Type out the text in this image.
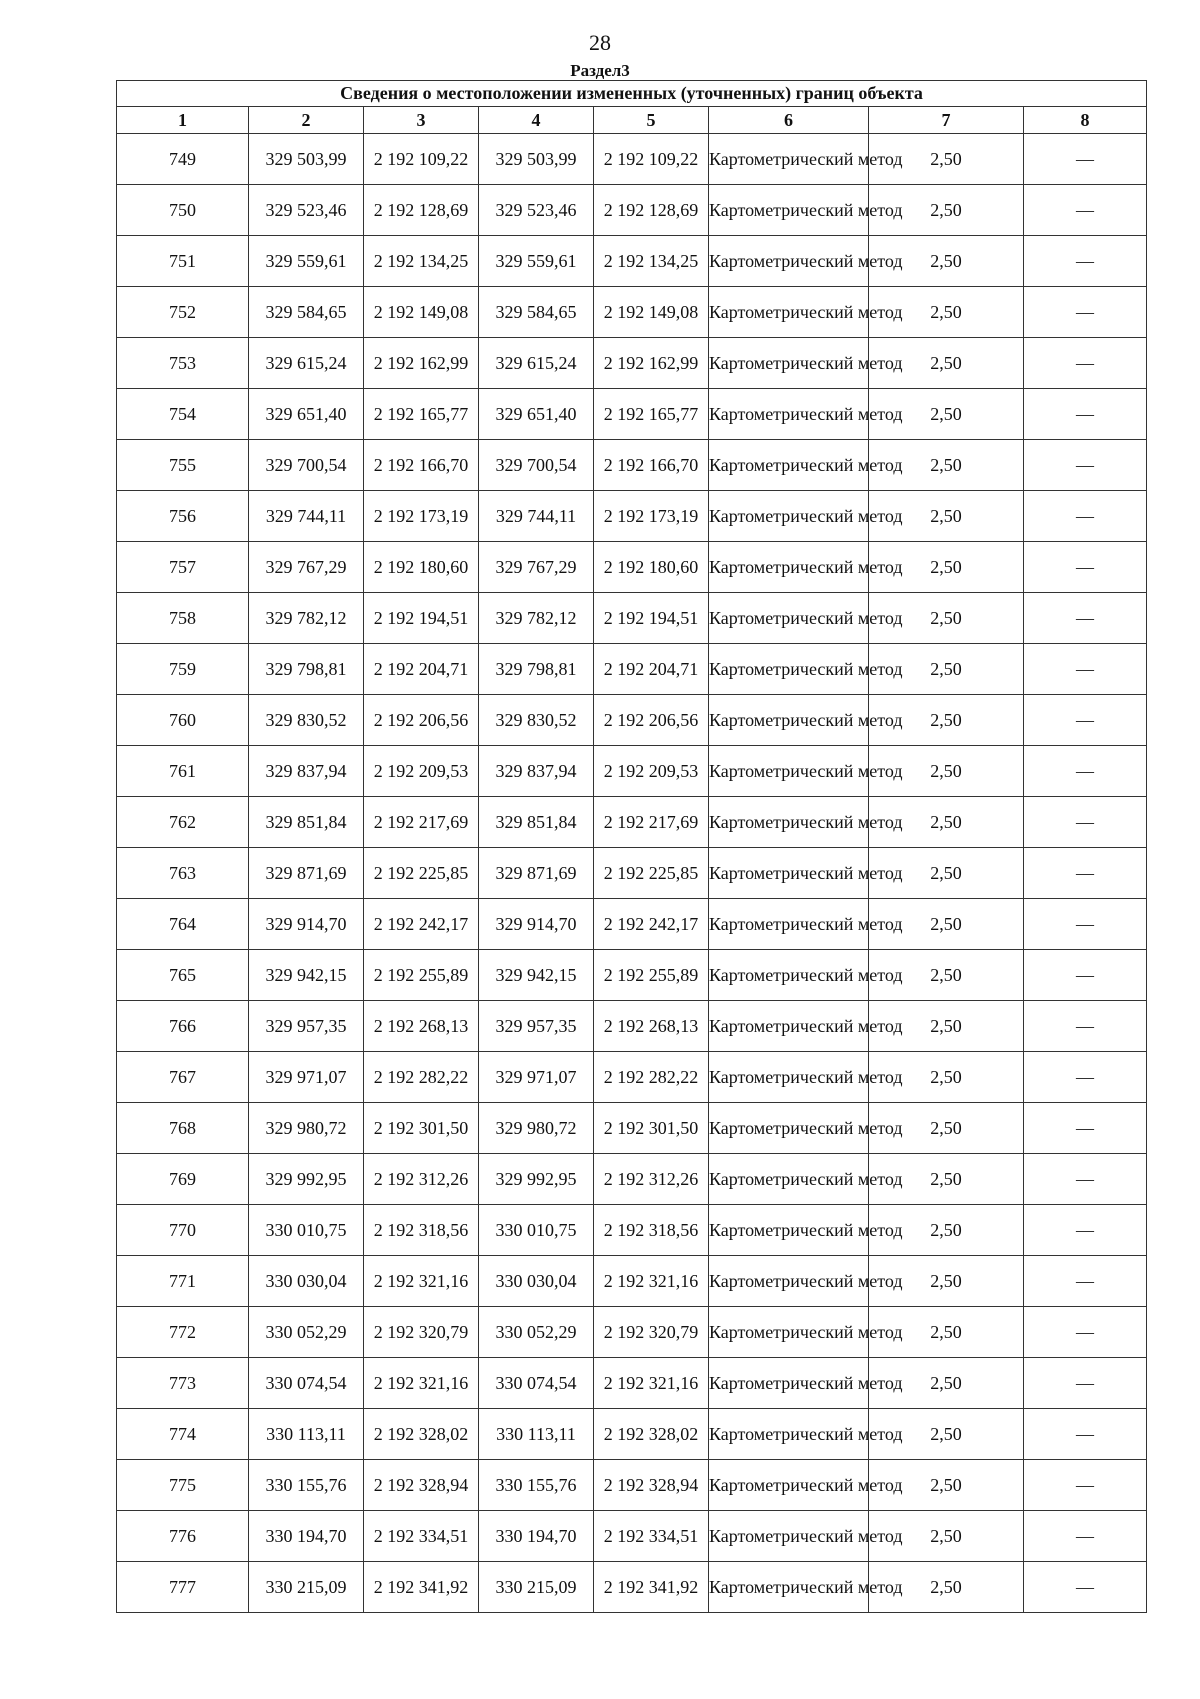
28
Раздел3
Сведения о местоположении измененных (уточненных) границ объекта							
1	2	3	4	5	6	7	8
749	329 503,99	2 192 109,22	329 503,99	2 192 109,22	Картометрический метод	2,50	—
750	329 523,46	2 192 128,69	329 523,46	2 192 128,69	Картометрический метод	2,50	—
751	329 559,61	2 192 134,25	329 559,61	2 192 134,25	Картометрический метод	2,50	—
752	329 584,65	2 192 149,08	329 584,65	2 192 149,08	Картометрический метод	2,50	—
753	329 615,24	2 192 162,99	329 615,24	2 192 162,99	Картометрический метод	2,50	—
754	329 651,40	2 192 165,77	329 651,40	2 192 165,77	Картометрический метод	2,50	—
755	329 700,54	2 192 166,70	329 700,54	2 192 166,70	Картометрический метод	2,50	—
756	329 744,11	2 192 173,19	329 744,11	2 192 173,19	Картометрический метод	2,50	—
757	329 767,29	2 192 180,60	329 767,29	2 192 180,60	Картометрический метод	2,50	—
758	329 782,12	2 192 194,51	329 782,12	2 192 194,51	Картометрический метод	2,50	—
759	329 798,81	2 192 204,71	329 798,81	2 192 204,71	Картометрический метод	2,50	—
760	329 830,52	2 192 206,56	329 830,52	2 192 206,56	Картометрический метод	2,50	—
761	329 837,94	2 192 209,53	329 837,94	2 192 209,53	Картометрический метод	2,50	—
762	329 851,84	2 192 217,69	329 851,84	2 192 217,69	Картометрический метод	2,50	—
763	329 871,69	2 192 225,85	329 871,69	2 192 225,85	Картометрический метод	2,50	—
764	329 914,70	2 192 242,17	329 914,70	2 192 242,17	Картометрический метод	2,50	—
765	329 942,15	2 192 255,89	329 942,15	2 192 255,89	Картометрический метод	2,50	—
766	329 957,35	2 192 268,13	329 957,35	2 192 268,13	Картометрический метод	2,50	—
767	329 971,07	2 192 282,22	329 971,07	2 192 282,22	Картометрический метод	2,50	—
768	329 980,72	2 192 301,50	329 980,72	2 192 301,50	Картометрический метод	2,50	—
769	329 992,95	2 192 312,26	329 992,95	2 192 312,26	Картометрический метод	2,50	—
770	330 010,75	2 192 318,56	330 010,75	2 192 318,56	Картометрический метод	2,50	—
771	330 030,04	2 192 321,16	330 030,04	2 192 321,16	Картометрический метод	2,50	—
772	330 052,29	2 192 320,79	330 052,29	2 192 320,79	Картометрический метод	2,50	—
773	330 074,54	2 192 321,16	330 074,54	2 192 321,16	Картометрический метод	2,50	—
774	330 113,11	2 192 328,02	330 113,11	2 192 328,02	Картометрический метод	2,50	—
775	330 155,76	2 192 328,94	330 155,76	2 192 328,94	Картометрический метод	2,50	—
776	330 194,70	2 192 334,51	330 194,70	2 192 334,51	Картометрический метод	2,50	—
777	330 215,09	2 192 341,92	330 215,09	2 192 341,92	Картометрический метод	2,50	—
